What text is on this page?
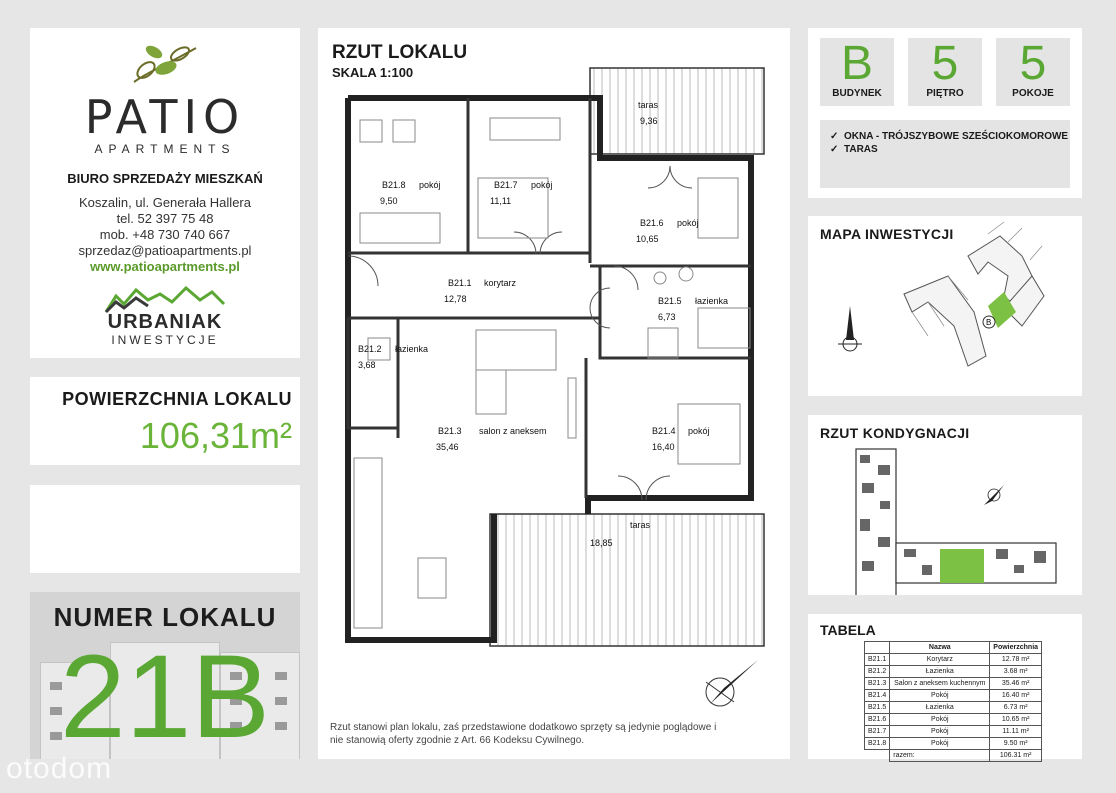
PATIO
APARTMENTS
BIURO SPRZEDAŻY MIESZKAŃ
Koszalin, ul. Generała Hallera
tel. 52 397 75 48
mob. +48 730 740 667
sprzedaz@patioapartments.pl
www.patioapartments.pl
URBANIAK
INWESTYCJE
POWIERZCHNIA LOKALU
106,31m²
NUMER LOKALU
21B
otodom
RZUT LOKALU
SKALA 1:100
taras
9,36
B21.8 pokój
9,50
B21.7 pokój
11,11
B21.6 pokój
10,65
B21.1 korytarz
12,78	B21.5 łazienka
6,73
B21.2 łazienka
3,68
B21.3 salon z aneksem
35,46
B21.4 pokój
16,40
taras
18,85
Rzut stanowi plan lokalu, zaś przedstawione dodatkowo sprzęty są jedynie poglądowe i nie stanowią oferty zgodnie z Art. 66 Kodeksu Cywilnego.
B
BUDYNEK
5
PIĘTRO
5
POKOJE
✓ OKNA - TRÓJSZYBOWE SZEŚCIOKOMOROWE
✓ TARAS
MAPA INWESTYCJI
B
RZUT KONDYGNACJI
TABELA
	Nazwa	Powierzchnia
B21.1	Korytarz	12.78 m²
B21.2	Łazienka	3.68 m²
B21.3	Salon z aneksem kuchennym	35.46 m²
B21.4	Pokój	16.40 m²
B21.5	Łazienka	6.73 m²
B21.6	Pokój	10.65 m²
B21.7	Pokój	11.11 m²
B21.8	Pokój	9.50 m²
	razem:	106.31 m²
